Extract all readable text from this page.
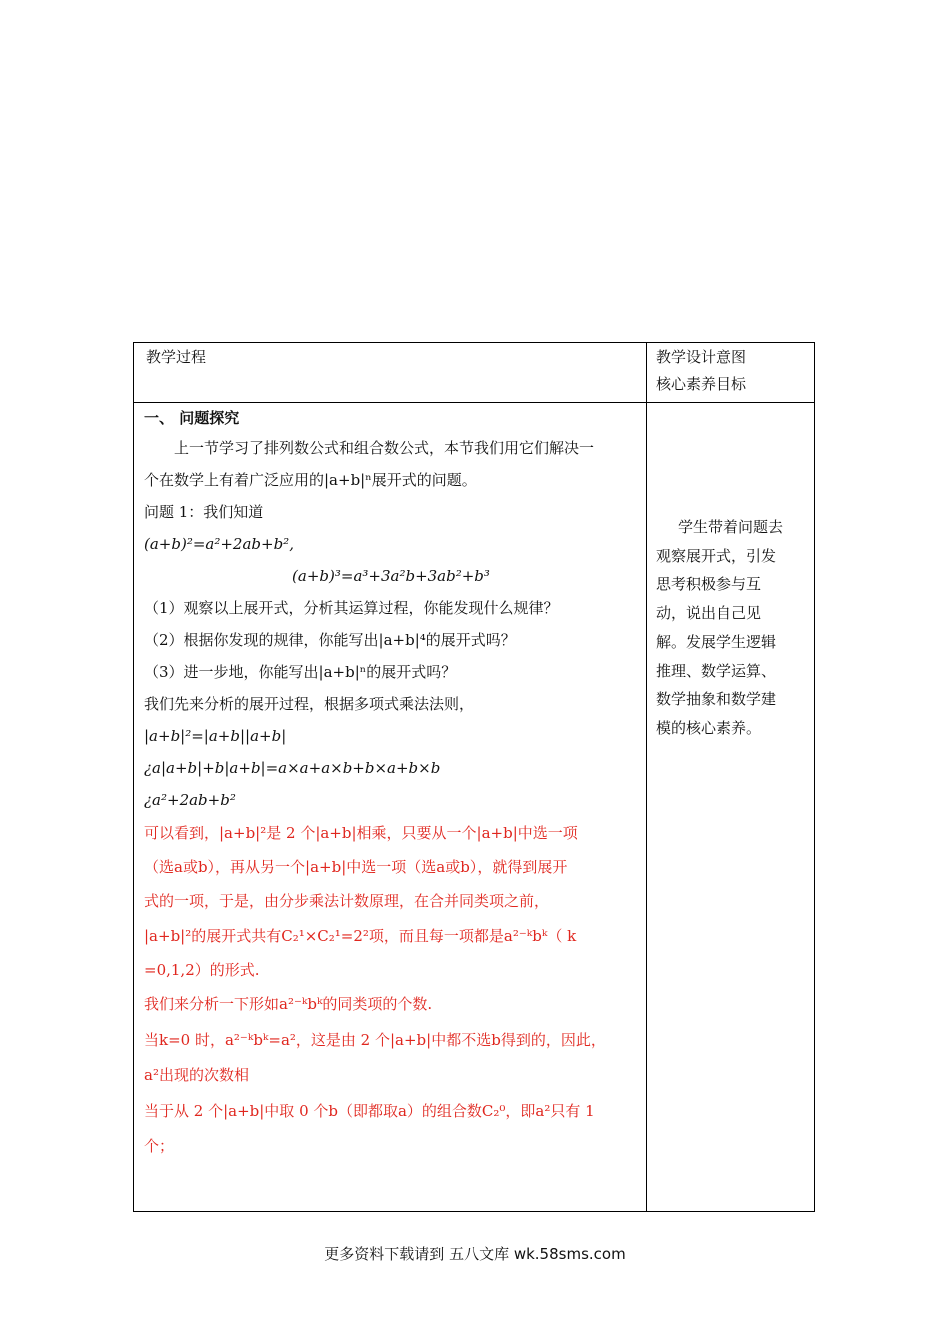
教学过程	教学设计意图
核心素养目标

一、 问题探究

上一节学习了排列数公式和组合数公式，本节我们用它们解决一

个在数学上有着广泛应用的|a+b|ⁿ展开式的问题。

问题 1：我们知道

(a+b)²=a²+2ab+b²,

(a+b)³=a³+3a²b+3ab²+b³

（1）观察以上展开式，分析其运算过程，你能发现什么规律？

（2）根据你发现的规律，你能写出|a+b|⁴的展开式吗？

（3）进一步地，你能写出|a+b|ⁿ的展开式吗？

我们先来分析的展开过程，根据多项式乘法法则，

|a+b|²=|a+b||a+b|

¿a|a+b|+b|a+b|=a×a+a×b+b×a+b×b

¿a²+2ab+b²

可以看到，|a+b|²是 2 个|a+b|相乘，只要从一个|a+b|中选一项

（选a或b），再从另一个|a+b|中选一项（选a或b），就得到展开

式的一项，于是，由分步乘法计数原理，在合并同类项之前，

|a+b|²的展开式共有C₂¹×C₂¹=2²项，而且每一项都是a²⁻ᵏbᵏ（ k

=0,1,2）的形式.

我们来分析一下形如a²⁻ᵏbᵏ的同类项的个数.

当k=0 时，a²⁻ᵏbᵏ=a²，这是由 2 个|a+b|中都不选b得到的，因此，

a²出现的次数相

当于从 2 个|a+b|中取 0 个b（即都取a）的组合数C₂⁰，即a²只有 1

个；

学生带着问题去
观察展开式，引发
思考积极参与互
动，说出自己见
解。发展学生逻辑
推理、数学运算、
数学抽象和数学建
模的核心素养。
更多资料下载请到 五八文库 wk.58sms.com
